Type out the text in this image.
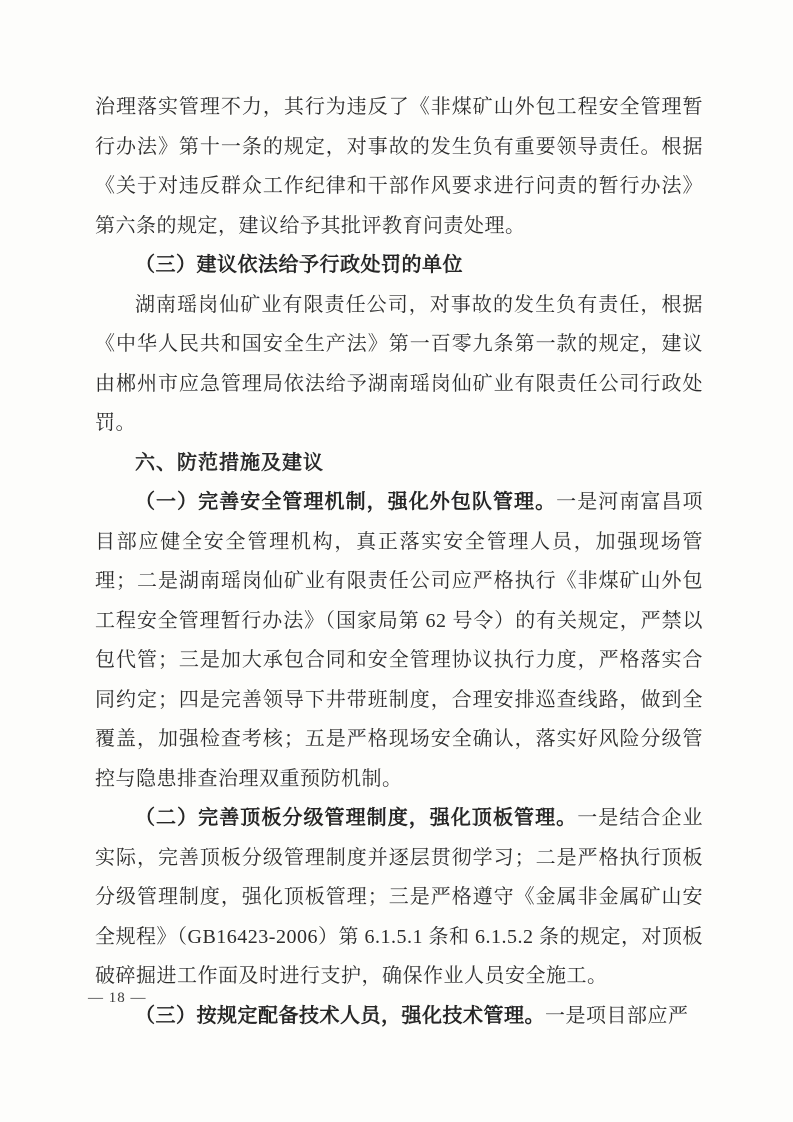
治理落实管理不力，其行为违反了《非煤矿山外包工程安全管理暂行办法》第十一条的规定，对事故的发生负有重要领导责任。根据《关于对违反群众工作纪律和干部作风要求进行问责的暂行办法》第六条的规定，建议给予其批评教育问责处理。

（三）建议依法给予行政处罚的单位

湖南瑶岗仙矿业有限责任公司，对事故的发生负有责任，根据《中华人民共和国安全生产法》第一百零九条第一款的规定，建议由郴州市应急管理局依法给予湖南瑶岗仙矿业有限责任公司行政处罚。

六、防范措施及建议

（一）完善安全管理机制，强化外包队管理。一是河南富昌项目部应健全安全管理机构，真正落实安全管理人员，加强现场管理；二是湖南瑶岗仙矿业有限责任公司应严格执行《非煤矿山外包工程安全管理暂行办法》（国家局第 62 号令）的有关规定，严禁以包代管；三是加大承包合同和安全管理协议执行力度，严格落实合同约定；四是完善领导下井带班制度，合理安排巡查线路，做到全覆盖，加强检查考核；五是严格现场安全确认，落实好风险分级管控与隐患排查治理双重预防机制。

（二）完善顶板分级管理制度，强化顶板管理。一是结合企业实际，完善顶板分级管理制度并逐层贯彻学习；二是严格执行顶板分级管理制度，强化顶板管理；三是严格遵守《金属非金属矿山安全规程》（GB16423-2006）第 6.1.5.1 条和 6.1.5.2 条的规定，对顶板破碎掘进工作面及时进行支护，确保作业人员安全施工。

（三）按规定配备技术人员，强化技术管理。一是项目部应严

— 18 —
